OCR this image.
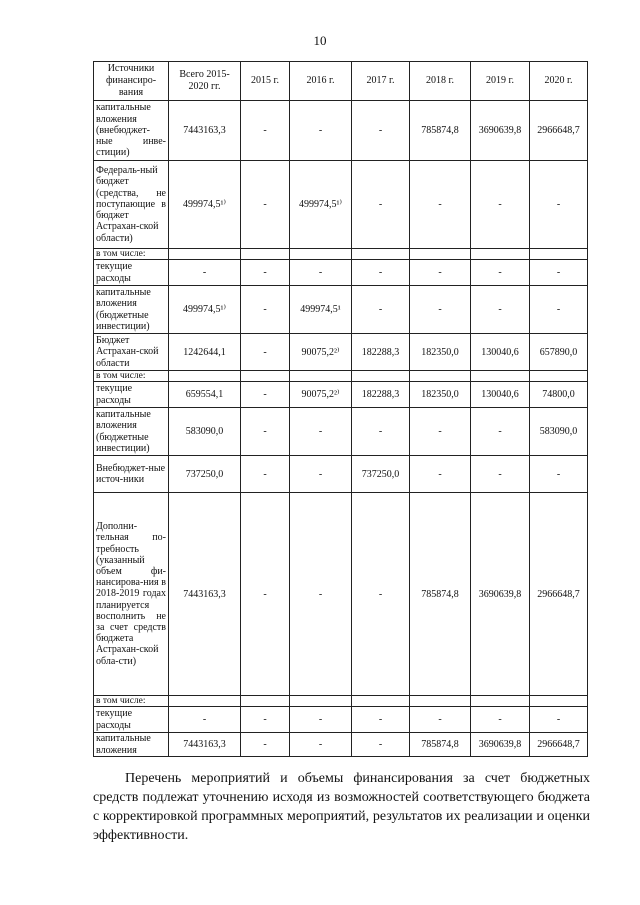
10
Источники финансиро-вания	Всего 2015-2020 гг.	2015 г.	2016 г.	2017 г.	2018 г.	2019 г.	2020 г.
капитальные вложения (внебюджет-ные инве-стиции)	7443163,3	-	-	-	785874,8	3690639,8	2966648,7
Федераль-ный бюджет (средства, не поступающие в бюджет Астрахан-ской области)	499974,5¹⁾	-	499974,5¹⁾	-	-	-	-
в том числе:							
текущие расходы	-	-	-	-	-	-	-
капитальные вложения (бюджетные инвестиции)	499974,5¹⁾	-	499974,5¹	-	-	-	-
Бюджет Астрахан-ской области	1242644,1	-	90075,2²⁾	182288,3	182350,0	130040,6	657890,0
в том числе:							
текущие расходы	659554,1	-	90075,2²⁾	182288,3	182350,0	130040,6	74800,0
капитальные вложения (бюджетные инвестиции)	583090,0	-	-	-	-	-	583090,0
Внебюджет-ные источ-ники	737250,0	-	-	737250,0	-	-	-
Дополни-тельная по-требность (указанный объем фи-нансирова-ния в 2018-2019 годах планируется восполнить не за счет средств бюджета Астрахан-ской обла-сти)	7443163,3	-	-	-	785874,8	3690639,8	2966648,7
в том числе:							
текущие расходы	-	-	-	-	-	-	-
капитальные вложения	7443163,3	-	-	-	785874,8	3690639,8	2966648,7
Перечень мероприятий и объемы финансирования за счет бюджетных средств подлежат уточнению исходя из возможностей соответствующего бюджета с корректировкой программных мероприятий, результатов их реализации и оценки эффективности.
